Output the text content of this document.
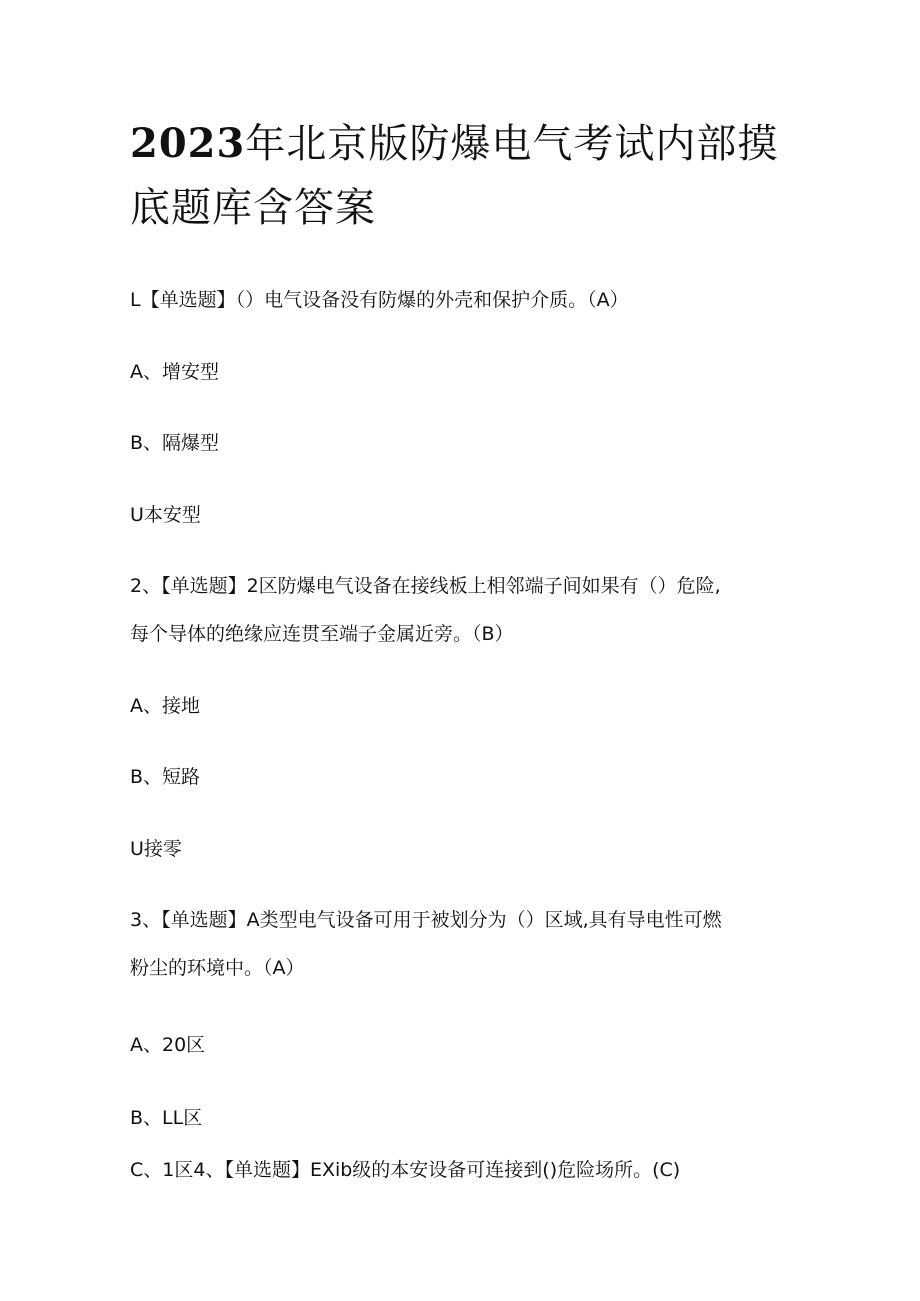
2023年北京版防爆电气考试内部摸
底题库含答案

L【单选题】（）电气设备没有防爆的外壳和保护介质。（A）

A、增安型

B、隔爆型

U本安型

2、【单选题】2区防爆电气设备在接线板上相邻端子间如果有（）危险,

每个导体的绝缘应连贯至端子金属近旁。（B）

A、接地

B、短路

U接零

3、【单选题】A类型电气设备可用于被划分为（）区域,具有导电性可燃

粉尘的环境中。（A）

A、20区

B、LL区

C、1区4、【单选题】EXib级的本安设备可连接到()危险场所。(C)
